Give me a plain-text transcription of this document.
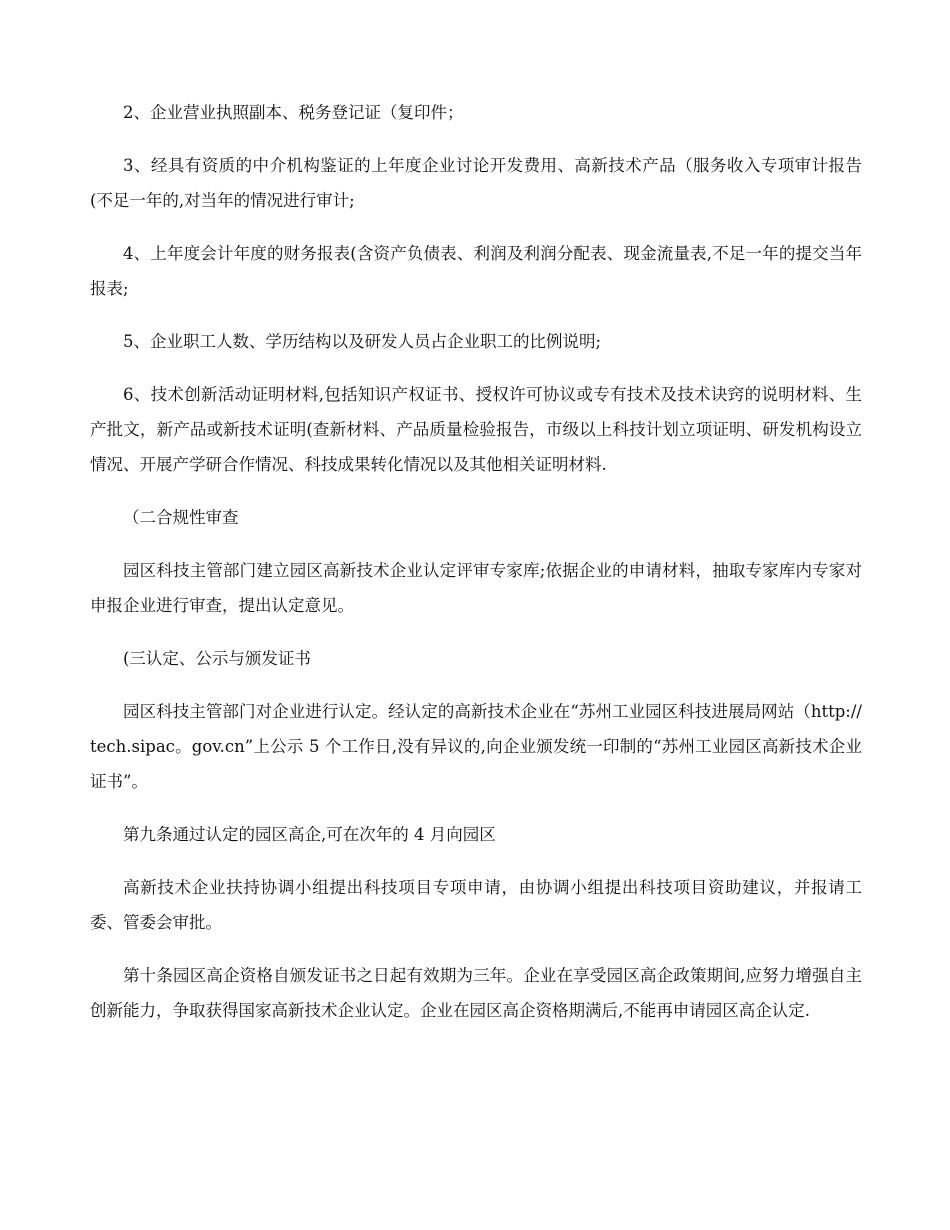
2、企业营业执照副本、税务登记证（复印件；

3、经具有资质的中介机构鉴证的上年度企业讨论开发费用、高新技术产品（服务收入专项审计报告(不足一年的,对当年的情况进行审计;

4、上年度会计年度的财务报表(含资产负债表、利润及利润分配表、现金流量表,不足一年的提交当年报表;

5、企业职工人数、学历结构以及研发人员占企业职工的比例说明;

6、技术创新活动证明材料,包括知识产权证书、授权许可协议或专有技术及技术诀窍的说明材料、生产批文，新产品或新技术证明(查新材料、产品质量检验报告，市级以上科技计划立项证明、研发机构设立情况、开展产学研合作情况、科技成果转化情况以及其他相关证明材料.

（二合规性审查

园区科技主管部门建立园区高新技术企业认定评审专家库;依据企业的申请材料，抽取专家库内专家对申报企业进行审查，提出认定意见。

(三认定、公示与颁发证书

园区科技主管部门对企业进行认定。经认定的高新技术企业在“苏州工业园区科技进展局网站（http://tech.sipac。gov.cn”上公示 5 个工作日,没有异议的,向企业颁发统一印制的“苏州工业园区高新技术企业证书”。

第九条通过认定的园区高企,可在次年的 4 月向园区

高新技术企业扶持协调小组提出科技项目专项申请，由协调小组提出科技项目资助建议，并报请工委、管委会审批。

第十条园区高企资格自颁发证书之日起有效期为三年。企业在享受园区高企政策期间,应努力增强自主创新能力，争取获得国家高新技术企业认定。企业在园区高企资格期满后,不能再申请园区高企认定.
